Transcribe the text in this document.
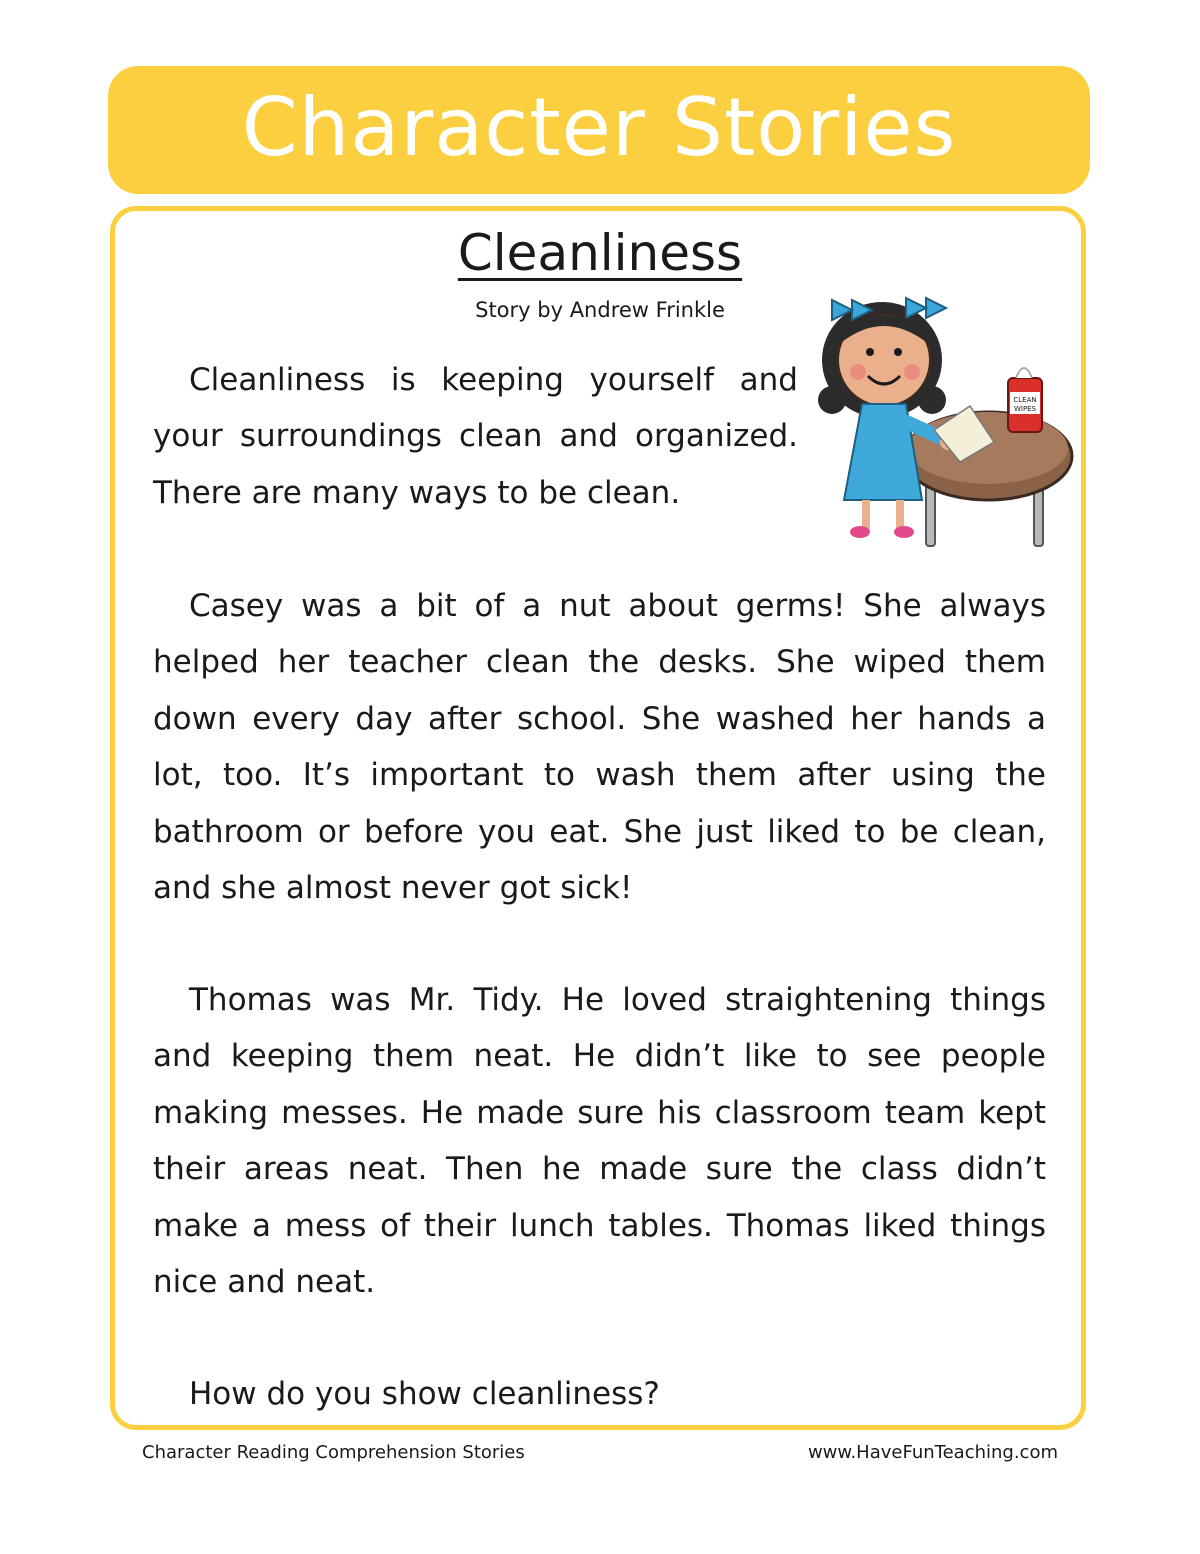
Character Stories
Cleanliness
Story by Andrew Frinkle

Cleanliness is keeping yourself and your surroundings clean and organized. There are many ways to be clean.

Casey was a bit of a nut about germs! She always helped her teacher clean the desks. She wiped them down every day after school. She washed her hands a lot, too. It’s important to wash them after using the bathroom or before you eat. She just liked to be clean, and she almost never got sick!

Thomas was Mr. Tidy. He loved straightening things and keeping them neat. He didn’t like to see people making messes. He made sure his classroom team kept their areas neat. Then he made sure the class didn’t make a mess of their lunch tables. Thomas liked things nice and neat.

How do you show cleanliness?

CLEAN
WIPES
Character Reading Comprehension Stories	www.HaveFunTeaching.com
